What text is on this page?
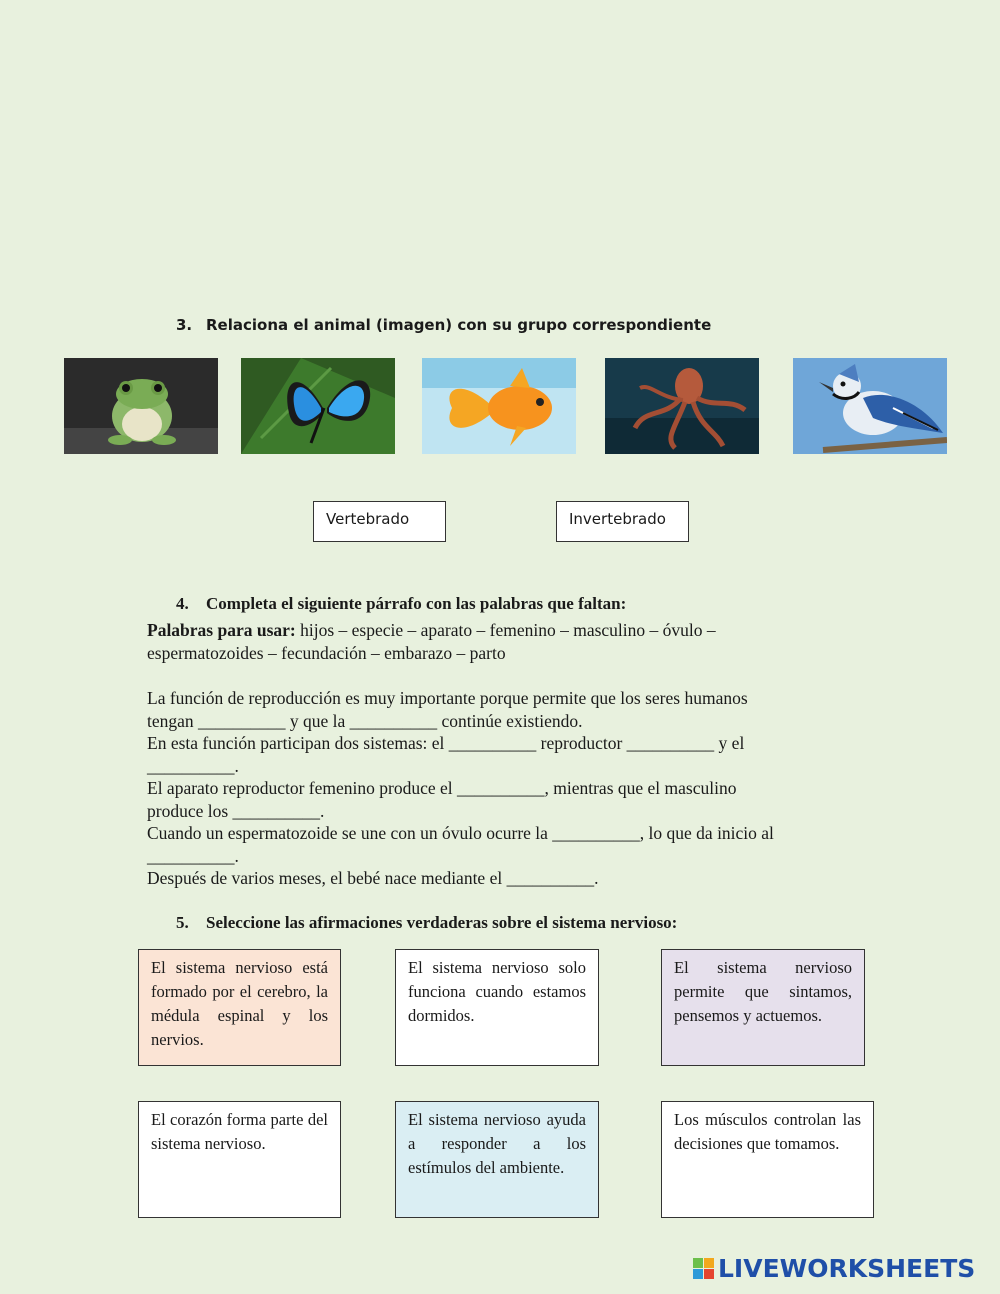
3. Relaciona el animal (imagen) con su grupo correspondiente
Vertebrado	Invertebrado
4. Completa el siguiente párrafo con las palabras que faltan:
Palabras para usar: hijos – especie – aparato – femenino – masculino – óvulo –
espermatozoides – fecundación – embarazo – parto
La función de reproducción es muy importante porque permite que los seres humanos
tengan __________ y que la __________ continúe existiendo.
En esta función participan dos sistemas: el __________ reproductor __________ y el
__________.
El aparato reproductor femenino produce el __________, mientras que el masculino
produce los __________.
Cuando un espermatozoide se une con un óvulo ocurre la __________, lo que da inicio al
__________.
Después de varios meses, el bebé nace mediante el __________.
5. Seleccione las afirmaciones verdaderas sobre el sistema nervioso:
El sistema nervioso está formado por el cerebro, la médula espinal y los nervios.
El sistema nervioso solo funciona cuando estamos dormidos.
El sistema nervioso permite que sintamos, pensemos y actuemos.
El corazón forma parte del sistema nervioso.
El sistema nervioso ayuda a responder a los estímulos del ambiente.
Los músculos controlan las decisiones que tomamos.
LIVEWORKSHEETS
